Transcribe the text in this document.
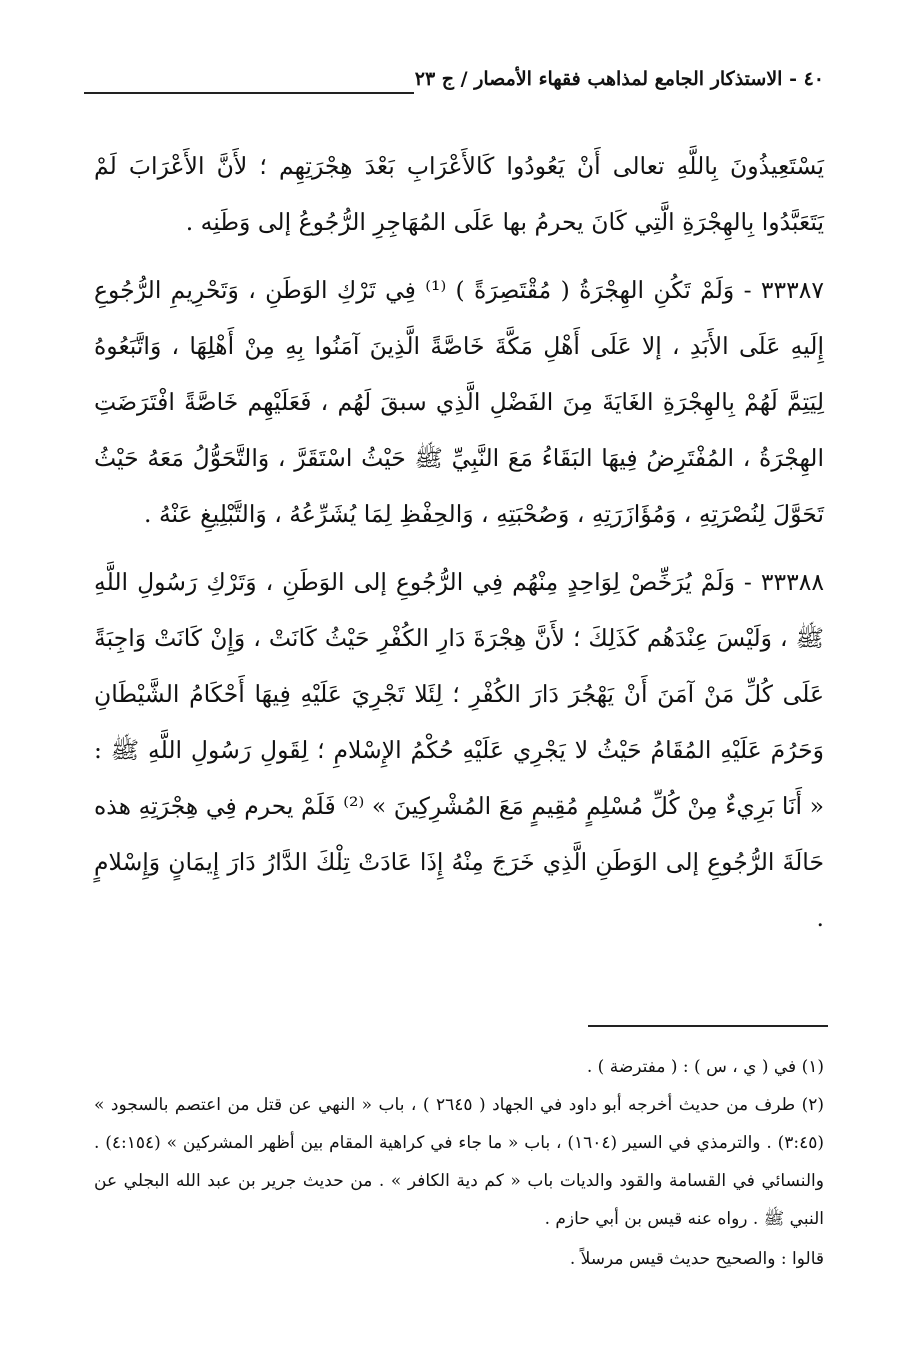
٤٠ - الاستذكار الجامع لمذاهب فقهاء الأمصار / ج ٢٣

يَسْتَعِيذُونَ بِاللَّهِ تعالى أَنْ يَعُودُوا كَالأَعْرَابِ بَعْدَ هِجْرَتِهِم ؛ لأَنَّ الأَعْرَابَ لَمْ يَتَعَبَّدُوا بِالهِجْرَةِ الَّتِي كَانَ يحرمُ بها عَلَى المُهَاجِرِ الرُّجُوعُ إلى وَطَنِه .

٣٣٣٨٧ - وَلَمْ تَكُنِ الهِجْرَةُ ( مُقْتَصِرَةً ) ⁽¹⁾ فِي تَرْكِ الوَطَنِ ، وَتَحْرِيمِ الرُّجُوعِ إِلَيهِ عَلَى الأَبَدِ ، إلا عَلَى أَهْلِ مَكَّةَ خَاصَّةً الَّذِينَ آمَنُوا بِهِ مِنْ أَهْلِهَا ، وَاتَّبَعُوهُ لِيَتِمَّ لَهُمْ بِالهِجْرَةِ الغَايَةَ مِنَ الفَضْلِ الَّذِي سبقَ لَهُم ، فَعَلَيْهِم خَاصَّةً افْتَرَضَتِ الهِجْرَةُ ، المُفْتَرِضُ فِيهَا البَقَاءُ مَعَ النَّبِيِّ ﷺ حَيْثُ اسْتَقَرَّ ، وَالتَّحَوُّلُ مَعَهُ حَيْثُ تَحَوَّلَ لِنُصْرَتِهِ ، وَمُؤَازَرَتِهِ ، وَصُحْبَتِهِ ، وَالحِفْظِ لِمَا يُشَرِّعُهُ ، وَالتَّبْلِيغِ عَنْهُ .

٣٣٣٨٨ - وَلَمْ يُرَخِّصْ لِوَاحِدٍ مِنْهُم فِي الرُّجُوعِ إلى الوَطَنِ ، وَتَرْكِ رَسُولِ اللَّهِ ﷺ ، وَلَيْسَ عِنْدَهُم كَذَلِكَ ؛ لأَنَّ هِجْرَةَ دَارِ الكُفْرِ حَيْثُ كَانَتْ ، وَإِنْ كَانَتْ وَاجِبَةً عَلَى كُلِّ مَنْ آمَنَ أَنْ يَهْجُرَ دَارَ الكُفْرِ ؛ لِئَلا تَجْرِيَ عَلَيْهِ فِيهَا أَحْكَامُ الشَّيْطَانِ وَحَرُمَ عَلَيْهِ المُقَامُ حَيْثُ لا يَجْرِي عَلَيْهِ حُكْمُ الإِسْلامِ ؛ لِقَولِ رَسُولِ اللَّهِ ﷺ : « أَنَا بَرِيءٌ مِنْ كُلِّ مُسْلِمٍ مُقِيمٍ مَعَ المُشْرِكِينَ » ⁽²⁾ فَلَمْ يحرم فِي هِجْرَتِهِ هذه حَالَةَ الرُّجُوعِ إلى الوَطَنِ الَّذِي خَرَجَ مِنْهُ إِذَا عَادَتْ تِلْكَ الدَّارُ دَارَ إِيمَانٍ وَإِسْلامٍ .

(١) في ( ي ، س ) : ( مفترضة ) .

(٢) طرف من حديث أخرجه أبو داود في الجهاد ( ٢٦٤٥ ) ، باب « النهي عن قتل من اعتصم بالسجود » (٣:٤٥) . والترمذي في السير (١٦٠٤) ، باب « ما جاء في كراهية المقام بين أظهر المشركين » (٤:١٥٤) . والنسائي في القسامة والقود والديات باب « كم دية الكافر » . من حديث جرير بن عبد الله البجلي عن النبي ﷺ . رواه عنه قيس بن أبي حازم .

قالوا : والصحيح حديث قيس مرسلاً .
